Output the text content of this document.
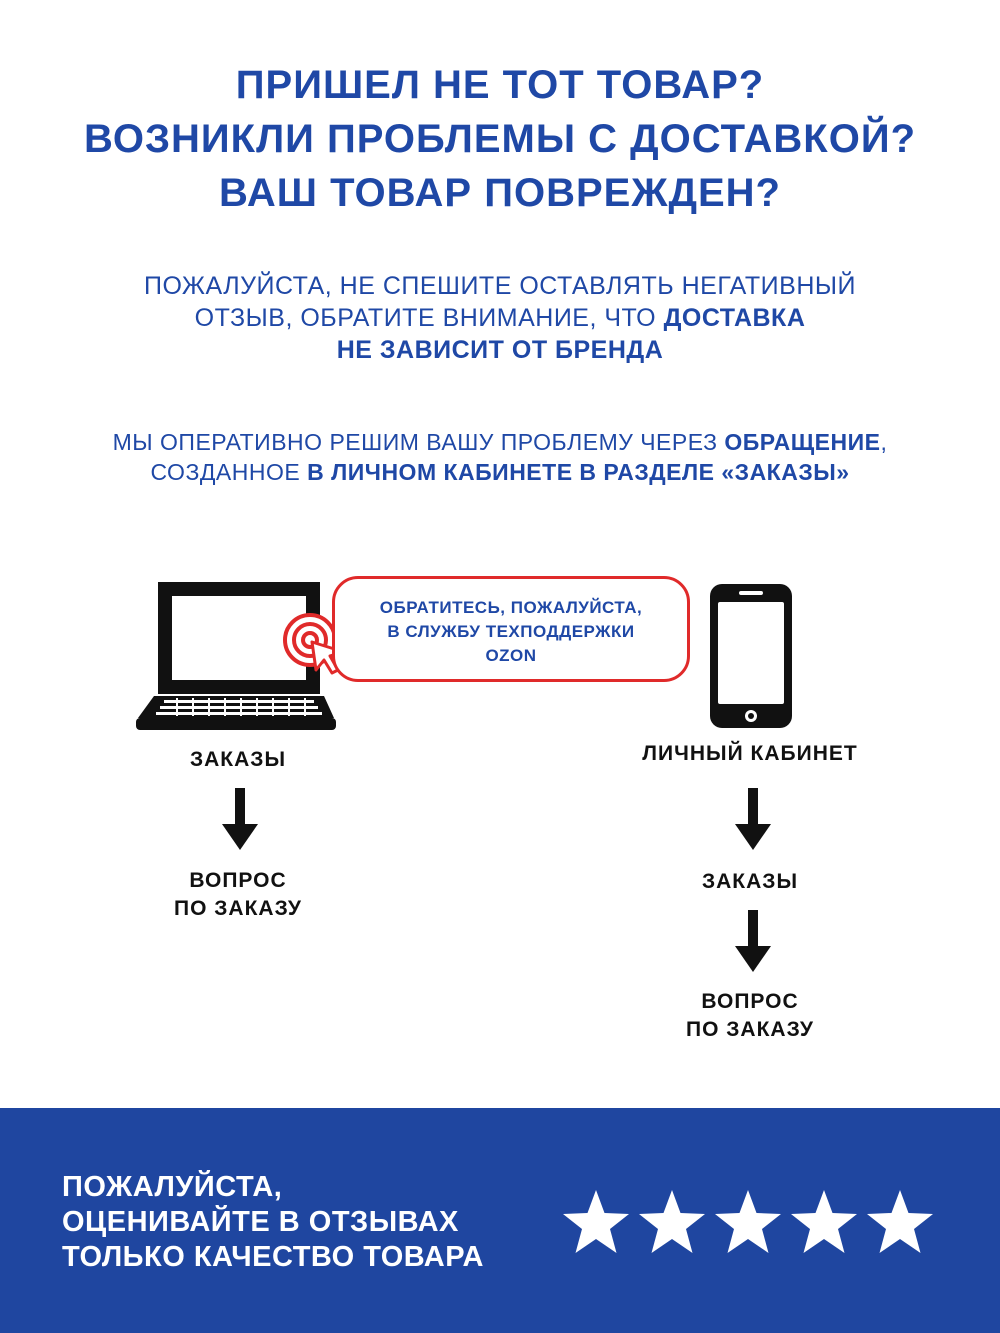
ПРИШЕЛ НЕ ТОТ ТОВАР?
ВОЗНИКЛИ ПРОБЛЕМЫ С ДОСТАВКОЙ?
ВАШ ТОВАР ПОВРЕЖДЕН?
ПОЖАЛУЙСТА, НЕ СПЕШИТЕ ОСТАВЛЯТЬ НЕГАТИВНЫЙ
ОТЗЫВ, ОБРАТИТЕ ВНИМАНИЕ, ЧТО ДОСТАВКА
НЕ ЗАВИСИТ ОТ БРЕНДА
МЫ ОПЕРАТИВНО РЕШИМ ВАШУ ПРОБЛЕМУ ЧЕРЕЗ ОБРАЩЕНИЕ,
СОЗДАННОЕ В ЛИЧНОМ КАБИНЕТЕ В РАЗДЕЛЕ «ЗАКАЗЫ»
ОБРАТИТЕСЬ, ПОЖАЛУЙСТА,
В СЛУЖБУ ТЕХПОДДЕРЖКИ
OZON
ЗАКАЗЫ
ВОПРОС
ПО ЗАКАЗУ
ЛИЧНЫЙ КАБИНЕТ
ЗАКАЗЫ
ВОПРОС
ПО ЗАКАЗУ
ПОЖАЛУЙСТА,
ОЦЕНИВАЙТЕ В ОТЗЫВАХ
ТОЛЬКО КАЧЕСТВО ТОВАРА
